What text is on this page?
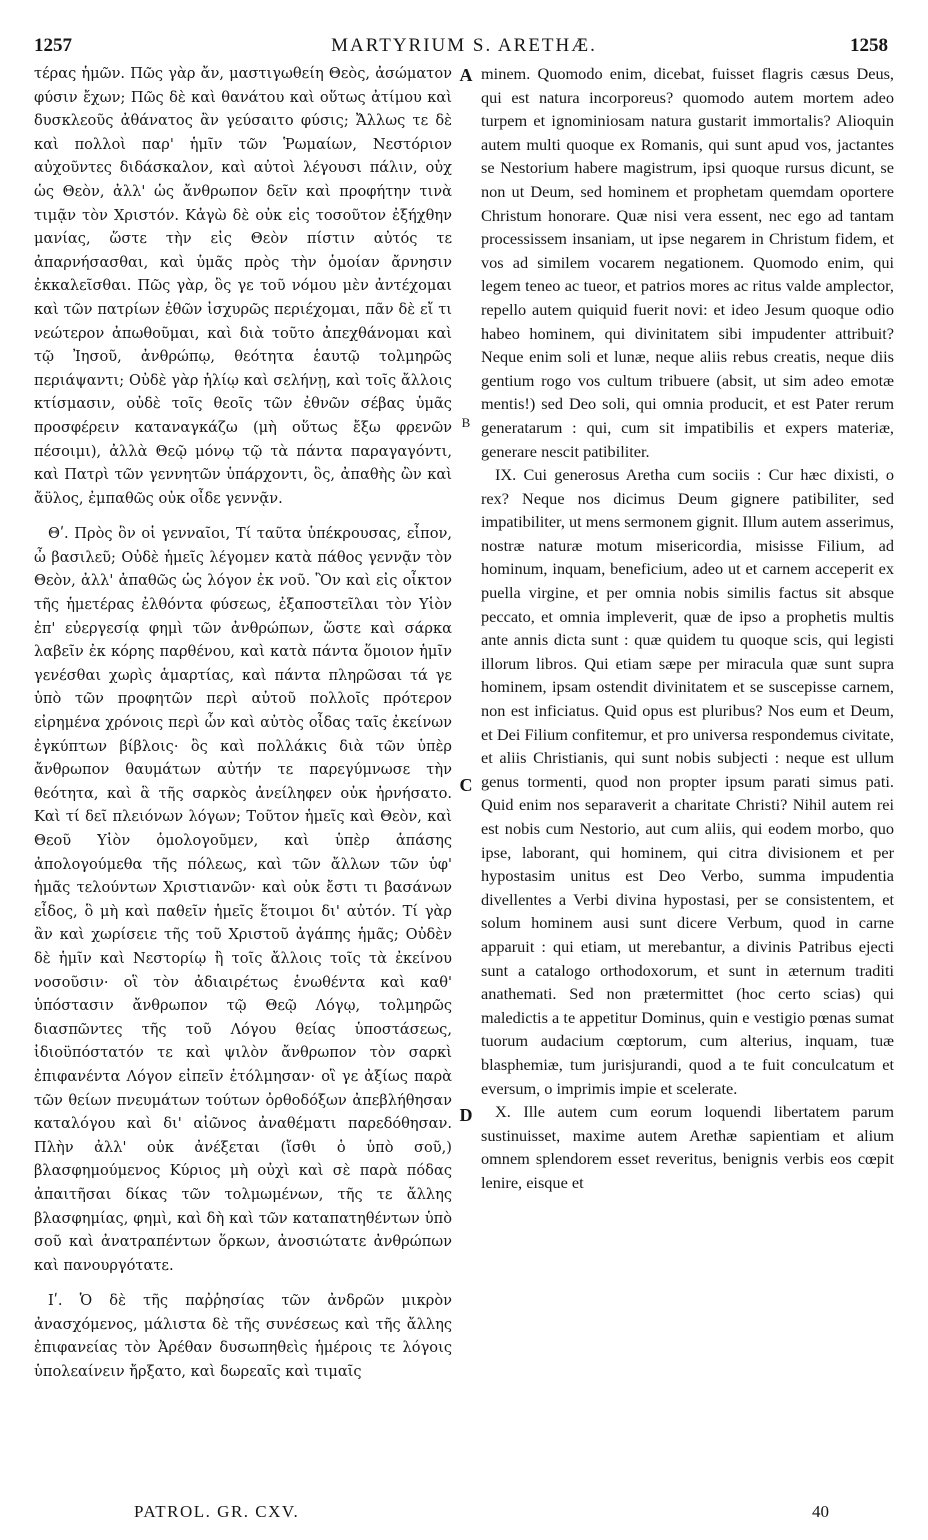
1257	MARTYRIUM S. ARETHÆ.	1258

τέρας ἡμῶν. Πῶς γὰρ ἄν, μαστιγωθείη Θεὸς, ἀσώματον φύσιν ἔχων; Πῶς δὲ καὶ θανάτου καὶ οὕτως ἀτίμου καὶ δυσκλεοῦς ἀθάνατος ἂν γεύσαιτο φύσις; Ἄλλως τε δὲ καὶ πολλοὶ παρ' ἡμῖν τῶν Ῥωμαίων, Νεστόριον αὐχοῦντες διδάσκαλον, καὶ αὐτοὶ λέγουσι πάλιν, οὐχ ὡς Θεὸν, ἀλλ' ὡς ἄνθρωπον δεῖν καὶ προφήτην τινὰ τιμᾷν τὸν Χριστόν. Κἀγὼ δὲ οὐκ εἰς τοσοῦτον ἐξήχθην μανίας, ὥστε τὴν εἰς Θεὸν πίστιν αὐτός τε ἀπαρνήσασθαι, καὶ ὑμᾶς πρὸς τὴν ὁμοίαν ἄρνησιν ἐκκαλεῖσθαι. Πῶς γὰρ, ὃς γε τοῦ νόμου μὲν ἀντέχομαι καὶ τῶν πατρίων ἐθῶν ἰσχυρῶς περιέχομαι, πᾶν δὲ εἴ τι νεώτερον ἀπωθοῦμαι, καὶ διὰ τοῦτο ἀπεχθάνομαι καὶ τῷ Ἰησοῦ, ἀνθρώπῳ, θεότητα ἑαυτῷ τολμηρῶς περιάψαντι; Οὐδὲ γὰρ ἡλίῳ καὶ σελήνῃ, καὶ τοῖς ἄλλοις κτίσμασιν, οὐδὲ τοῖς θεοῖς τῶν ἐθνῶν σέβας ὑμᾶς προσφέρειν καταναγκάζω (μὴ οὕτως ἔξω φρενῶν πέσοιμι), ἀλλὰ Θεῷ μόνῳ τῷ τὰ πάντα παραγαγόντι, καὶ Πατρὶ τῶν γεννητῶν ὑπάρχοντι, ὃς, ἀπαθὴς ὢν καὶ ἄϋλος, ἐμπαθῶς οὐκ οἶδε γεννᾷν.

Θʹ. Πρὸς ὃν οἱ γενναῖοι, Τί ταῦτα ὑπέκρουσας, εἶπον, ὦ βασιλεῦ; Οὐδὲ ἡμεῖς λέγομεν κατὰ πάθος γεννᾷν τὸν Θεὸν, ἀλλ' ἀπαθῶς ὡς λόγον ἐκ νοῦ. Ὃν καὶ εἰς οἶκτον τῆς ἡμετέρας ἐλθόντα φύσεως, ἐξαποστεῖλαι τὸν Υἱὸν ἐπ' εὐεργεσίᾳ φημὶ τῶν ἀνθρώπων, ὥστε καὶ σάρκα λαβεῖν ἐκ κόρης παρθένου, καὶ κατὰ πάντα ὅμοιον ἡμῖν γενέσθαι χωρὶς ἁμαρτίας, καὶ πάντα πληρῶσαι τά γε ὑπὸ τῶν προφητῶν περὶ αὐτοῦ πολλοῖς πρότερον εἰρημένα χρόνοις περὶ ὧν καὶ αὐτὸς οἶδας ταῖς ἐκείνων ἐγκύπτων βίβλοις· ὃς καὶ πολλάκις διὰ τῶν ὑπὲρ ἄνθρωπον θαυμάτων αὐτήν τε παρεγύμνωσε τὴν θεότητα, καὶ ἃ τῆς σαρκὸς ἀνείληφεν οὐκ ἠρνήσατο. Καὶ τί δεῖ πλειόνων λόγων; Τοῦτον ἡμεῖς καὶ Θεὸν, καὶ Θεοῦ Υἱὸν ὁμολογοῦμεν, καὶ ὑπὲρ ἁπάσης ἀπολογούμεθα τῆς πόλεως, καὶ τῶν ἄλλων τῶν ὑφ' ἡμᾶς τελούντων Χριστιανῶν· καὶ οὐκ ἔστι τι βασάνων εἶδος, ὃ μὴ καὶ παθεῖν ἡμεῖς ἕτοιμοι δι' αὐτόν. Τί γὰρ ἂν καὶ χωρίσειε τῆς τοῦ Χριστοῦ ἀγάπης ἡμᾶς; Οὐδὲν δὲ ἡμῖν καὶ Νεστορίῳ ἢ τοῖς ἄλλοις τοῖς τὰ ἐκείνου νοσοῦσιν· οἳ τὸν ἀδιαιρέτως ἑνωθέντα καὶ καθ' ὑπόστασιν ἄνθρωπον τῷ Θεῷ Λόγῳ, τολμηρῶς διασπῶντες τῆς τοῦ Λόγου θείας ὑποστάσεως, ἰδιοϋπόστατόν τε καὶ ψιλὸν ἄνθρωπον τὸν σαρκὶ ἐπιφανέντα Λόγον εἰπεῖν ἐτόλμησαν· οἳ γε ἀξίως παρὰ τῶν θείων πνευμάτων τούτων ὀρθοδόξων ἀπεβλήθησαν καταλόγου καὶ δι' αἰῶνος ἀναθέματι παρεδόθησαν. Πλὴν ἀλλ' οὐκ ἀνέξεται (ἴσθι ὁ ὑπὸ σοῦ,) βλασφημούμενος Κύριος μὴ οὐχὶ καὶ σὲ παρὰ πόδας ἀπαιτῆσαι δίκας τῶν τολμωμένων, τῆς τε ἄλλης βλασφημίας, φημὶ, καὶ δὴ καὶ τῶν καταπατηθέντων ὑπὸ σοῦ καὶ ἀνατραπέντων ὅρκων, ἀνοσιώτατε ἀνθρώπων καὶ πανουργότατε.

Ιʹ. Ὁ δὲ τῆς παῤῥησίας τῶν ἀνδρῶν μικρὸν ἀνασχόμενος, μάλιστα δὲ τῆς συνέσεως καὶ τῆς ἄλλης ἐπιφανείας τὸν Ἀρέθαν δυσωπηθεὶς ἡμέροις τε λόγοις ὑπολεαίνειν ἤρξατο, καὶ δωρεαῖς καὶ τιμαῖς

A
B
C
D

minem. Quomodo enim, dicebat, fuisset flagris cæsus Deus, qui est natura incorporeus? quomodo autem mortem adeo turpem et ignominiosam natura gustarit immortalis? Alioquin autem multi quoque ex Romanis, qui sunt apud vos, jactantes se Nestorium habere magistrum, ipsi quoque rursus dicunt, se non ut Deum, sed hominem et prophetam quemdam oportere Christum honorare. Quæ nisi vera essent, nec ego ad tantam processissem insaniam, ut ipse negarem in Christum fidem, et vos ad similem vocarem negationem. Quomodo enim, qui legem teneo ac tueor, et patrios mores ac ritus valde amplector, repello autem quiquid fuerit novi: et ideo Jesum quoque odio habeo hominem, qui divinitatem sibi impudenter attribuit? Neque enim soli et lunæ, neque aliis rebus creatis, neque diis gentium rogo vos cultum tribuere (absit, ut sim adeo emotæ mentis!) sed Deo soli, qui omnia producit, et est Pater rerum generatarum : qui, cum sit impatibilis et expers materiæ, generare nescit patibiliter.

IX. Cui generosus Aretha cum sociis : Cur hæc dixisti, o rex? Neque nos dicimus Deum gignere patibiliter, sed impatibiliter, ut mens sermonem gignit. Illum autem asserimus, nostræ naturæ motum misericordia, misisse Filium, ad hominum, inquam, beneficium, adeo ut et carnem acceperit ex puella virgine, et per omnia nobis similis factus sit absque peccato, et omnia impleverit, quæ de ipso a prophetis multis ante annis dicta sunt : quæ quidem tu quoque scis, qui legisti illorum libros. Qui etiam sæpe per miracula quæ sunt supra hominem, ipsam ostendit divinitatem et se suscepisse carnem, non est inficiatus. Quid opus est pluribus? Nos eum et Deum, et Dei Filium confitemur, et pro universa respondemus civitate, et aliis Christianis, qui sunt nobis subjecti : neque est ullum genus tormenti, quod non propter ipsum parati simus pati. Quid enim nos separaverit a charitate Christi? Nihil autem rei est nobis cum Nestorio, aut cum aliis, qui eodem morbo, quo ipse, laborant, qui hominem, qui citra divisionem et per hypostasim unitus est Deo Verbo, summa impudentia divellentes a Verbi divina hypostasi, per se consistentem, et solum hominem ausi sunt dicere Verbum, quod in carne apparuit : qui etiam, ut merebantur, a divinis Patribus ejecti sunt a catalogo orthodoxorum, et sunt in æternum traditi anathemati. Sed non prætermittet (hoc certo scias) qui maledictis a te appetitur Dominus, quin e vestigio pœnas sumat tuorum audacium cœptorum, cum alterius, inquam, tuæ blasphemiæ, tum jurisjurandi, quod a te fuit conculcatum et eversum, o imprimis impie et scelerate.

X. Ille autem cum eorum loquendi libertatem parum sustinuisset, maxime autem Arethæ sapientiam et alium omnem splendorem esset reveritus, benignis verbis eos cœpit lenire, eisque et

PATROL. GR. CXV.	40
